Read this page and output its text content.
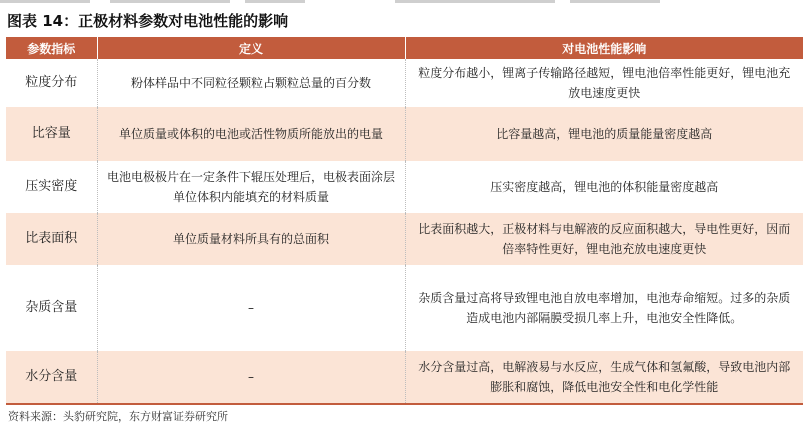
图表 14：正极材料参数对电池性能的影响
参数指标	定义	对电池性能影响
粒度分布	粉体样品中不同粒径颗粒占颗粒总量的百分数	粒度分布越小，锂离子传输路径越短，锂电池倍率性能更好，锂电池充放电速度更快
比容量	单位质量或体积的电池或活性物质所能放出的电量	比容量越高，锂电池的质量能量密度越高
压实密度	电池电极极片在一定条件下辊压处理后，电极表面涂层单位体积内能填充的材料质量	压实密度越高，锂电池的体积能量密度越高
比表面积	单位质量材料所具有的总面积	比表面积越大，正极材料与电解液的反应面积越大，导电性更好，因而倍率特性更好，锂电池充放电速度更快
杂质含量	–	杂质含量过高将导致锂电池自放电率增加，电池寿命缩短。过多的杂质造成电池内部隔膜受损几率上升，电池安全性降低。
水分含量	–	水分含量过高，电解液易与水反应，生成气体和氢氟酸，导致电池内部膨胀和腐蚀，降低电池安全性和电化学性能
资料来源：头豹研究院，东方财富证券研究所
